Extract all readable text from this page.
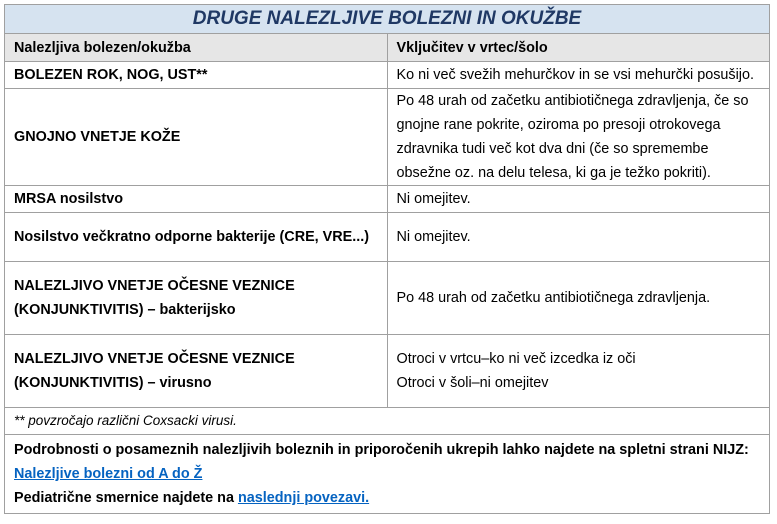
DRUGE NALEZLJIVE BOLEZNI IN OKUŽBE	
Nalezljiva bolezen/okužba	Vključitev v vrtec/šolo
BOLEZEN ROK, NOG, UST**	Ko ni več svežih mehurčkov in se vsi mehurčki posušijo.
GNOJNO VNETJE KOŽE	Po 48 urah od začetku antibiotičnega zdravljenja, če so gnojne rane pokrite, oziroma po presoji otrokovega zdravnika tudi več kot dva dni (če so spremembe obsežne oz. na delu telesa, ki ga je težko pokriti).
MRSA nosilstvo	Ni omejitev.
Nosilstvo večkratno odporne bakterije (CRE, VRE...)	Ni omejitev.
NALEZLJIVO VNETJE OČESNE VEZNICE (KONJUNKTIVITIS) – bakterijsko	Po 48 urah od začetku antibiotičnega zdravljenja.
NALEZLJIVO VNETJE OČESNE VEZNICE (KONJUNKTIVITIS) – virusno	Otroci v vrtcu–ko ni več izcedka iz oči
Otroci v šoli–ni omejitev

** povzročajo različni Coxsacki virusi.	
Podrobnosti o posameznih nalezljivih boleznih in priporočenih ukrepih lahko najdete na spletni strani NIJZ: Nalezljive bolezni od A do Ž
Pediatrične smernice najdete na naslednji povezavi.	
